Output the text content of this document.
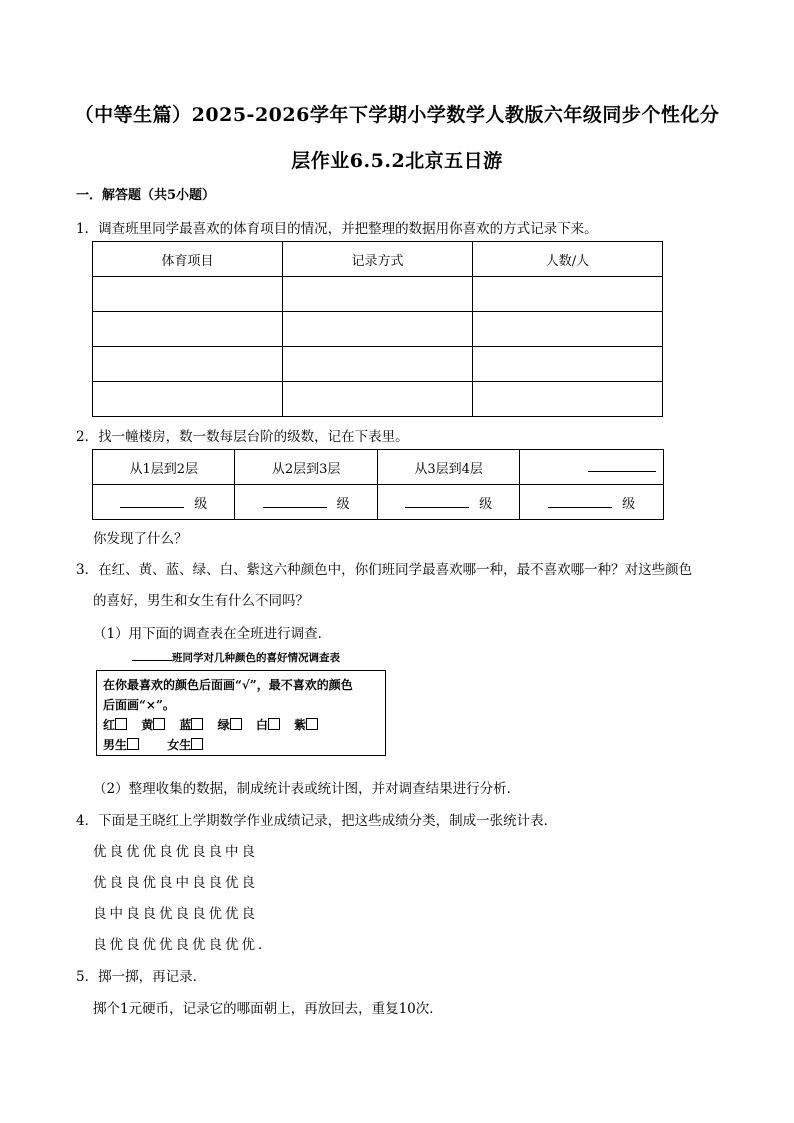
（中等生篇）2025-2026学年下学期小学数学人教版六年级同步个性化分
层作业6.5.2北京五日游
一．解答题（共5小题）
1．调查班里同学最喜欢的体育项目的情况，并把整理的数据用你喜欢的方式记录下来。
体育项目	记录方式	人数/人

2．找一幢楼房，数一数每层台阶的级数，记在下表里。
从1层到2层	从2层到3层	从3层到4层	
级	级	级	级
你发现了什么？
3．在红、黄、蓝、绿、白、紫这六种颜色中，你们班同学最喜欢哪一种，最不喜欢哪一种？对这些颜色
的喜好，男生和女生有什么不同吗？
（1）用下面的调查表在全班进行调查．
班同学对几种颜色的喜好情况调查表
在你最喜欢的颜色后面画“√”，最不喜欢的颜色
后面画“×”。
红 黄 蓝 绿 白 紫
男生	女生
（2）整理收集的数据，制成统计表或统计图，并对调查结果进行分析．
4．下面是王晓红上学期数学作业成绩记录，把这些成绩分类，制成一张统计表．
优良优优良优良良中良
优良良优良中良良优良
良中良良优良良优优良
良优良优优良优良优优．
5．掷一掷，再记录．
掷个1元硬币，记录它的哪面朝上，再放回去，重复10次．
